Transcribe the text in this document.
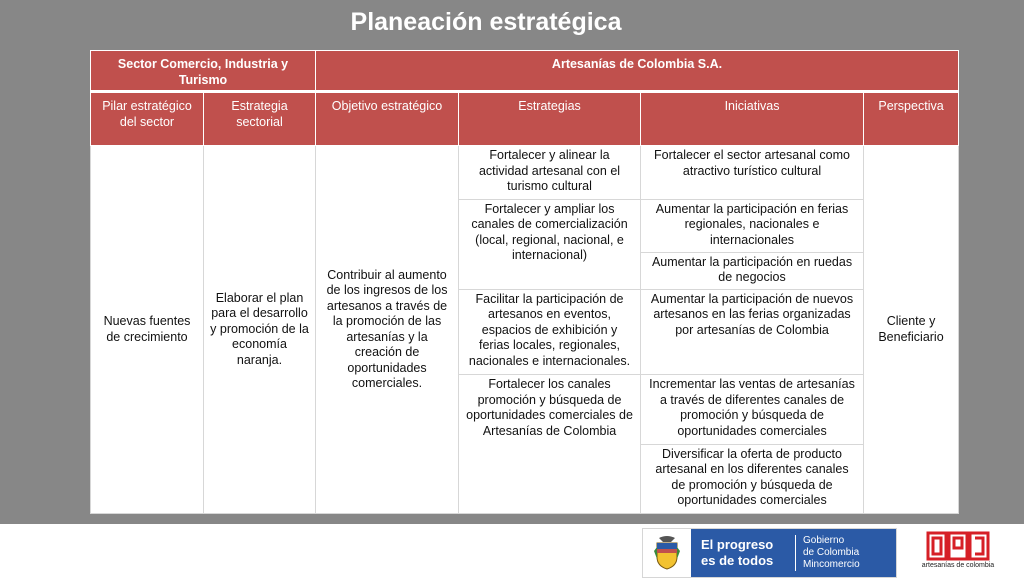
Planeación estratégica
Sector Comercio, Industria y Turismo		Artesanías de Colombia S.A.			
Pilar estratégico del sector	Estrategia sectorial	Objetivo estratégico	Estrategias	Iniciativas	Perspectiva
Nuevas fuentes de crecimiento	Elaborar el plan para el desarrollo y promoción de la economía naranja.	Contribuir al aumento de los ingresos de los artesanos a través de la promoción de las artesanías y la creación de oportunidades comerciales.	Fortalecer y alinear la actividad artesanal con el turismo cultural	Fortalecer el sector artesanal como atractivo turístico cultural	Cliente y Beneficiario
			Fortalecer y ampliar los canales de comercialización (local, regional, nacional, e internacional)	Aumentar la participación en ferias regionales, nacionales e internacionales	
				Aumentar la participación en ruedas de negocios	
			Facilitar la participación de artesanos en eventos, espacios de exhibición y ferias locales, regionales, nacionales e internacionales.	Aumentar la participación de nuevos artesanos en las ferias organizadas por artesanías de Colombia	
			Fortalecer los canales promoción y búsqueda de oportunidades comerciales de Artesanías de Colombia	Incrementar las ventas de artesanías a través de diferentes canales de promoción y búsqueda de oportunidades comerciales	
				Diversificar la oferta de producto artesanal en los diferentes canales de promoción y búsqueda de oportunidades comerciales	
El progreso
es de todos
Gobierno
de Colombia
Mincomercio	artesanías de colombia
